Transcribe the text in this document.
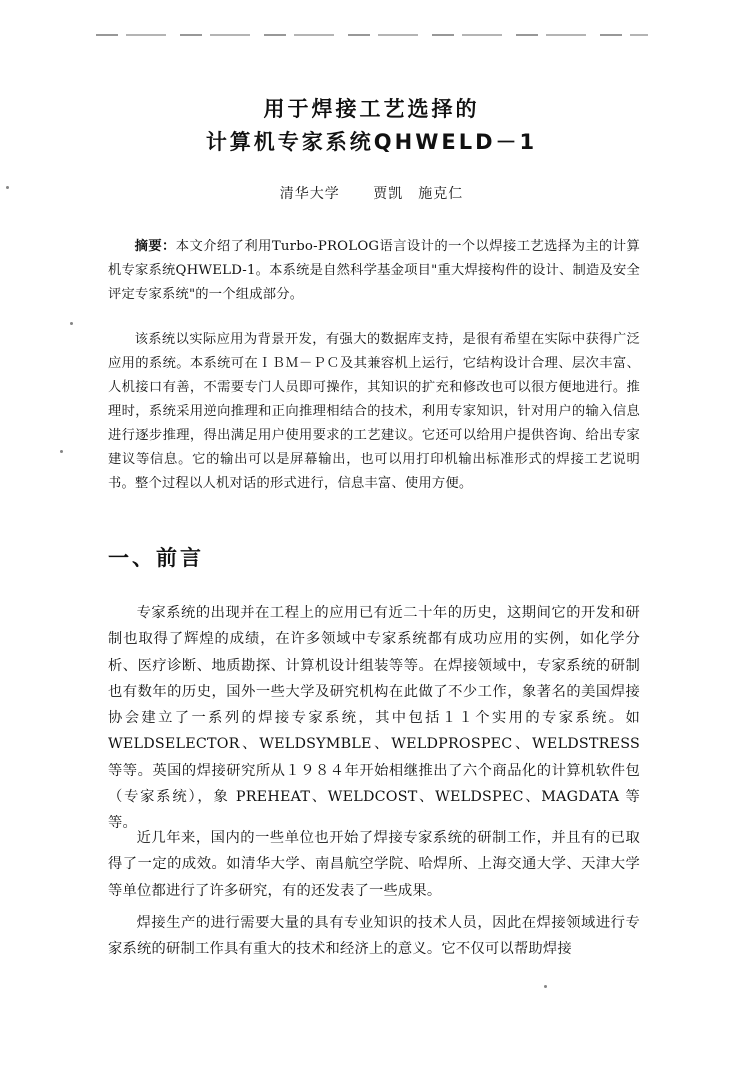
用于焊接工艺选择的
计算机专家系统QHWELD－1
清华大学 贾凯　施克仁

摘要：本文介绍了利用Turbo-PROLOG语言设计的一个以焊接工艺选择为主的计算机专家系统QHWELD-1。本系统是自然科学基金项目"重大焊接构件的设计、制造及安全评定专家系统"的一个组成部分。

该系统以实际应用为背景开发，有强大的数据库支持，是很有希望在实际中获得广泛应用的系统。本系统可在ＩＢＭ－ＰＣ及其兼容机上运行，它结构设计合理、层次丰富、人机接口有善，不需要专门人员即可操作，其知识的扩充和修改也可以很方便地进行。推理时，系统采用逆向推理和正向推理相结合的技术，利用专家知识，针对用户的输入信息进行逐步推理，得出满足用户使用要求的工艺建议。它还可以给用户提供咨询、给出专家建议等信息。它的输出可以是屏幕输出，也可以用打印机输出标准形式的焊接工艺说明书。整个过程以人机对话的形式进行，信息丰富、使用方便。

一、前言

专家系统的出现并在工程上的应用已有近二十年的历史，这期间它的开发和研制也取得了辉煌的成绩，在许多领域中专家系统都有成功应用的实例，如化学分析、医疗诊断、地质勘探、计算机设计组装等等。在焊接领域中，专家系统的研制也有数年的历史，国外一些大学及研究机构在此做了不少工作，象著名的美国焊接协会建立了一系列的焊接专家系统，其中包括１１个实用的专家系统。如WELDSELECTOR、WELDSYMBLE、WELDPROSPEC、WELDSTRESS 等等。英国的焊接研究所从１９８４年开始相继推出了六个商品化的计算机软件包（专家系统），象 PREHEAT、WELDCOST、WELDSPEC、MAGDATA 等等。

近几年来，国内的一些单位也开始了焊接专家系统的研制工作，并且有的已取得了一定的成效。如清华大学、南昌航空学院、哈焊所、上海交通大学、天津大学等单位都进行了许多研究，有的还发表了一些成果。

焊接生产的进行需要大量的具有专业知识的技术人员，因此在焊接领域进行专家系统的研制工作具有重大的技术和经济上的意义。它不仅可以帮助焊接
